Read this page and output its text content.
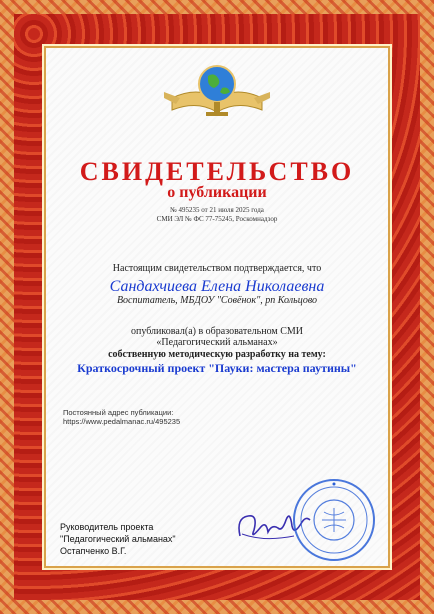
СВИДЕТЕЛЬСТВО
о публикации
№ 495235 от 21 июля 2025 года
СМИ ЭЛ № ФС 77-75245, Роскомнадзор
Настоящим свидетельством подтверждается, что
Сандахчиева Елена Николаевна
Воспитатель, МБДОУ "Совёнок", рп Кольцово
опубликовал(а) в образовательном СМИ
«Педагогический альманах»
собственную методическую разработку на тему:
Краткосрочный проект "Пауки: мастера паутины"
Постоянный адрес публикации:
https://www.pedalmanac.ru/495235
Руководитель проекта
"Педагогический альманах"
Остапченко В.Г.
